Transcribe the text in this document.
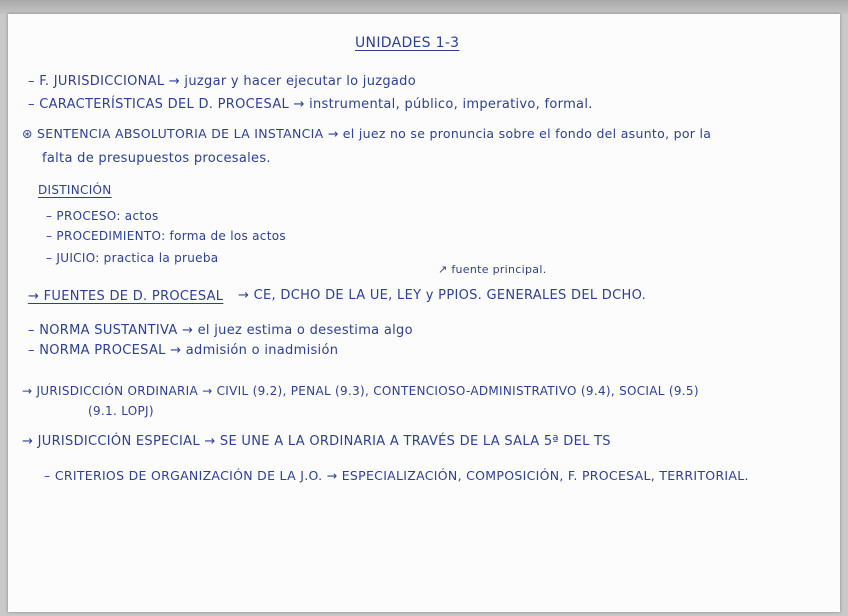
UNIDADES 1-3
– F. JURISDICCIONAL → juzgar y hacer ejecutar lo juzgado
– CARACTERÍSTICAS DEL D. PROCESAL → instrumental, público, imperativo, formal.
⊛ SENTENCIA ABSOLUTORIA DE LA INSTANCIA → el juez no se pronuncia sobre el fondo del asunto, por la
falta de presupuestos procesales.
DISTINCIÓN
– PROCESO: actos
– PROCEDIMIENTO: forma de los actos
– JUICIO: practica la prueba
↗ fuente principal.
→ FUENTES DE D. PROCESAL → CE, DCHO DE LA UE, LEY y PPIOS. GENERALES DEL DCHO.
– NORMA SUSTANTIVA → el juez estima o desestima algo
– NORMA PROCESAL → admisión o inadmisión
→ JURISDICCIÓN ORDINARIA → CIVIL (9.2), PENAL (9.3), CONTENCIOSO-ADMINISTRATIVO (9.4), SOCIAL (9.5)
(9.1. LOPJ)
→ JURISDICCIÓN ESPECIAL → SE UNE A LA ORDINARIA A TRAVÉS DE LA SALA 5ª DEL TS
– CRITERIOS DE ORGANIZACIÓN DE LA J.O. → ESPECIALIZACIÓN, COMPOSICIÓN, F. PROCESAL, TERRITORIAL.
